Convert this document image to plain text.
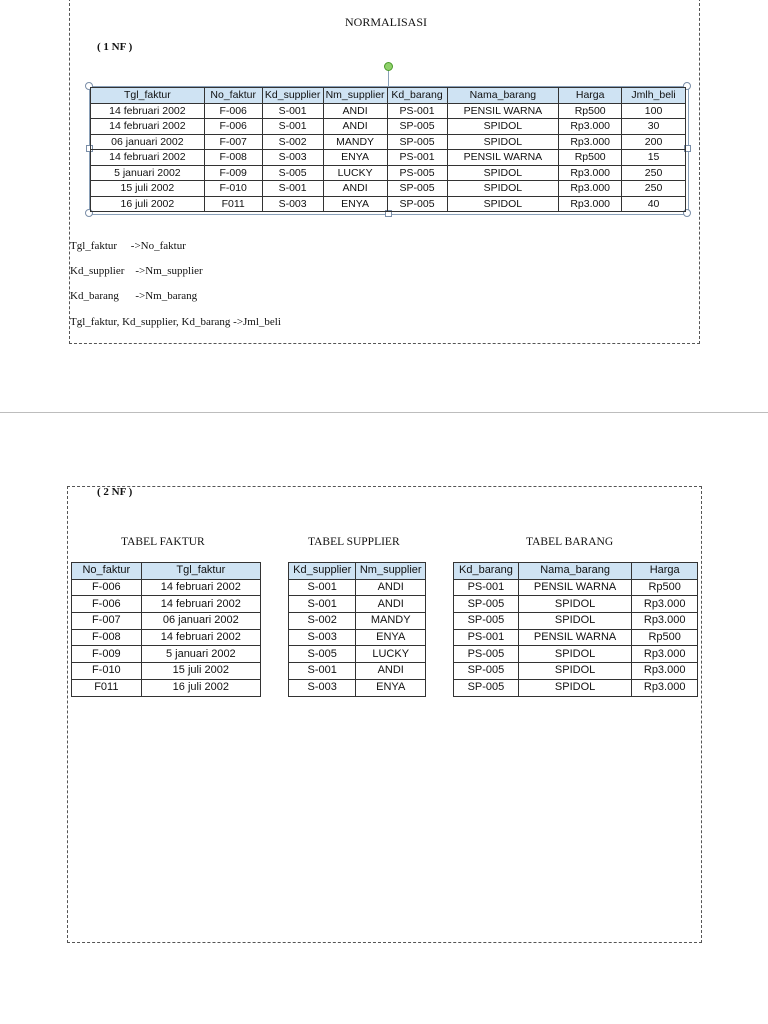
NORMALISASI
( 1 NF )
Tgl_faktur	No_faktur	Kd_supplier	Nm_supplier	Kd_barang	Nama_barang	Harga	Jmlh_beli
14 februari 2002	F-006	S-001	ANDI	PS-001	PENSIL WARNA	Rp500	100
14 februari 2002	F-006	S-001	ANDI	SP-005	SPIDOL	Rp3.000	30
06 januari 2002	F-007	S-002	MANDY	SP-005	SPIDOL	Rp3.000	200
14 februari 2002	F-008	S-003	ENYA	PS-001	PENSIL WARNA	Rp500	15
5 januari 2002	F-009	S-005	LUCKY	PS-005	SPIDOL	Rp3.000	250
15 juli 2002	F-010	S-001	ANDI	SP-005	SPIDOL	Rp3.000	250
16 juli 2002	F011	S-003	ENYA	SP-005	SPIDOL	Rp3.000	40
Tgl_faktur     ->No_faktur
Kd_supplier    ->Nm_supplier
Kd_barang      ->Nm_barang
Tgl_faktur, Kd_supplier, Kd_barang ->Jml_beli
( 2 NF )
TABEL FAKTUR	TABEL SUPPLIER	TABEL BARANG
No_faktur	Tgl_faktur
F-006	14 februari 2002
F-006	14 februari 2002
F-007	06 januari 2002
F-008	14 februari 2002
F-009	5 januari 2002
F-010	15 juli 2002
F011	16 juli 2002
Kd_supplier	Nm_supplier
S-001	ANDI
S-001	ANDI
S-002	MANDY
S-003	ENYA
S-005	LUCKY
S-001	ANDI
S-003	ENYA
Kd_barang	Nama_barang	Harga
PS-001	PENSIL WARNA	Rp500
SP-005	SPIDOL	Rp3.000
SP-005	SPIDOL	Rp3.000
PS-001	PENSIL WARNA	Rp500
PS-005	SPIDOL	Rp3.000
SP-005	SPIDOL	Rp3.000
SP-005	SPIDOL	Rp3.000
